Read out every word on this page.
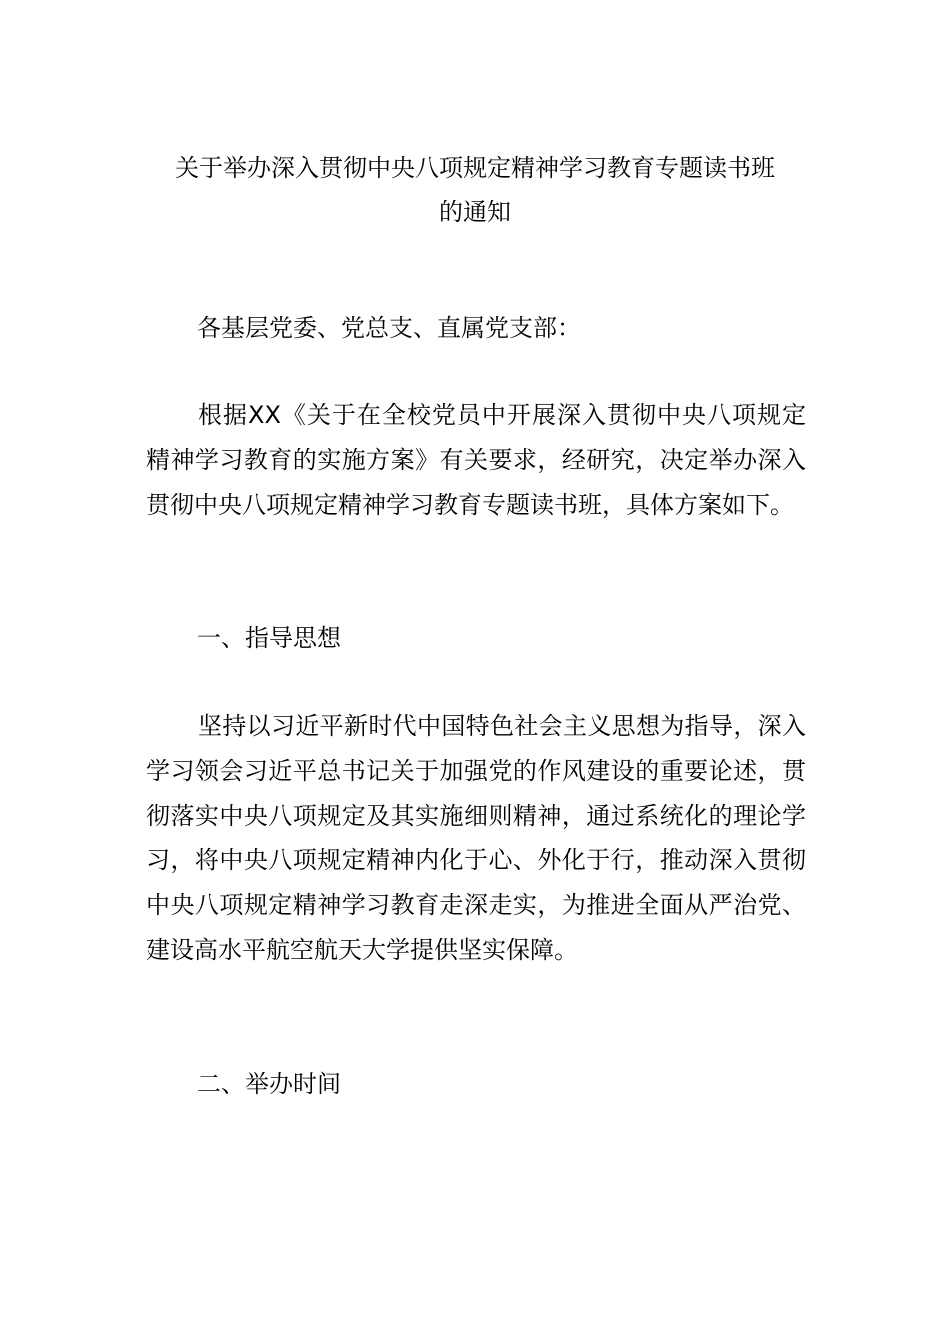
关于举办深入贯彻中央八项规定精神学习教育专题读书班
的通知
各基层党委、党总支、直属党支部：

根据XX《关于在全校党员中开展深入贯彻中央八项规定精神学习教育的实施方案》有关要求，经研究，决定举办深入贯彻中央八项规定精神学习教育专题读书班，具体方案如下。

一、指导思想

坚持以习近平新时代中国特色社会主义思想为指导，深入学习领会习近平总书记关于加强党的作风建设的重要论述，贯彻落实中央八项规定及其实施细则精神，通过系统化的理论学习，将中央八项规定精神内化于心、外化于行，推动深入贯彻中央八项规定精神学习教育走深走实，为推进全面从严治党、建设高水平航空航天大学提供坚实保障。

二、举办时间
